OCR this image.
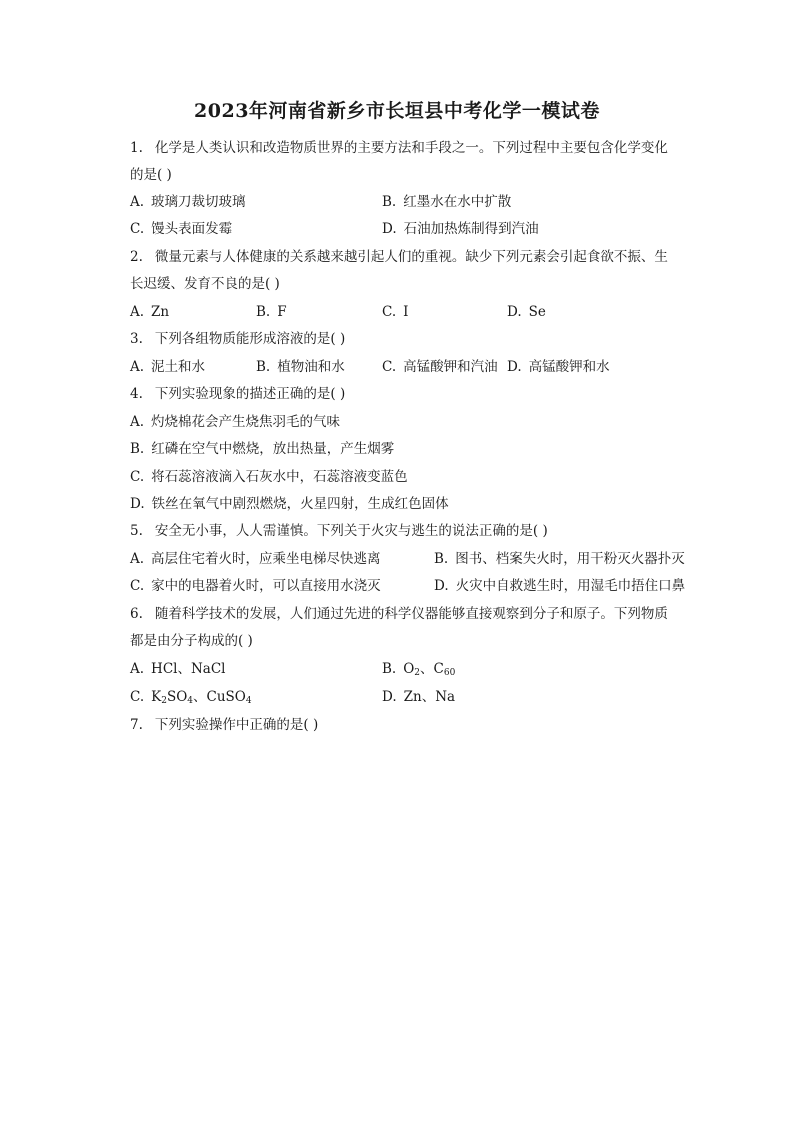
2023年河南省新乡市长垣县中考化学一模试卷
1. 化学是人类认识和改造物质世界的主要方法和手段之一。下列过程中主要包含化学变化
的是( )
A. 玻璃刀裁切玻璃	B. 红墨水在水中扩散
C. 馒头表面发霉	D. 石油加热炼制得到汽油
2. 微量元素与人体健康的关系越来越引起人们的重视。缺少下列元素会引起食欲不振、生
长迟缓、发育不良的是( )
A. Zn	B. F	C. I	D. Se
3. 下列各组物质能形成溶液的是( )
A. 泥土和水	B. 植物油和水	C. 高锰酸钾和汽油 D. 高锰酸钾和水
4. 下列实验现象的描述正确的是( )
A. 灼烧棉花会产生烧焦羽毛的气味
B. 红磷在空气中燃烧，放出热量，产生烟雾
C. 将石蕊溶液滴入石灰水中，石蕊溶液变蓝色
D. 铁丝在氧气中剧烈燃烧，火星四射，生成红色固体
5. 安全无小事，人人需谨慎。下列关于火灾与逃生的说法正确的是( )
A. 高层住宅着火时，应乘坐电梯尽快逃离	B. 图书、档案失火时，用干粉灭火器扑灭
C. 家中的电器着火时，可以直接用水浇灭	D. 火灾中自救逃生时，用湿毛巾捂住口鼻
6. 随着科学技术的发展，人们通过先进的科学仪器能够直接观察到分子和原子。下列物质
都是由分子构成的( )
A. HCl、NaCl	B. $O_2$、$C_{60}$
C. $K_2SO_4$、CuSO$_4$	D. Zn、Na
7. 下列实验操作中正确的是( )
